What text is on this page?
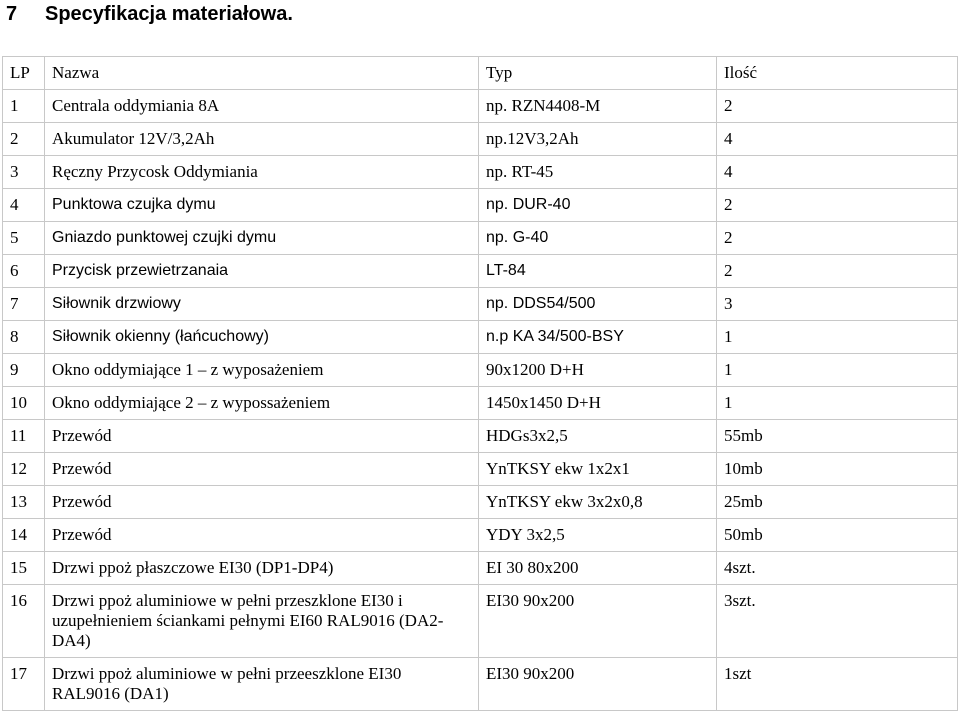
7 Specyfikacja materiałowa.
LP	Nazwa	Typ	Ilość
1	Centrala oddymiania 8A	np. RZN4408-M	2
2	Akumulator 12V/3,2Ah	np.12V3,2Ah	4
3	Ręczny Przycosk Oddymiania	np. RT-45	4
4	Punktowa czujka dymu	np. DUR-40	2
5	Gniazdo punktowej czujki dymu	np. G-40	2
6	Przycisk przewietrzanaia	LT-84	2
7	Siłownik drzwiowy	np. DDS54/500	3
8	Siłownik okienny (łańcuchowy)	n.p KA 34/500-BSY	1
9	Okno oddymiające 1 – z wyposażeniem	90x1200 D+H	1
10	Okno oddymiające 2 – z wypossażeniem	1450x1450 D+H	1
11	Przewód	HDGs3x2,5	55mb
12	Przewód	YnTKSY ekw 1x2x1	10mb
13	Przewód	YnTKSY ekw 3x2x0,8	25mb
14	Przewód	YDY 3x2,5	50mb
15	Drzwi ppoż płaszczowe EI30 (DP1-DP4)	EI 30 80x200	4szt.
16	Drzwi ppoż aluminiowe w pełni przeszklone EI30 i uzupełnieniem ściankami pełnymi EI60 RAL9016 (DA2-DA4)	EI30 90x200	3szt.
17	Drzwi ppoż aluminiowe w pełni przeeszklone EI30 RAL9016 (DA1)	EI30 90x200	1szt
